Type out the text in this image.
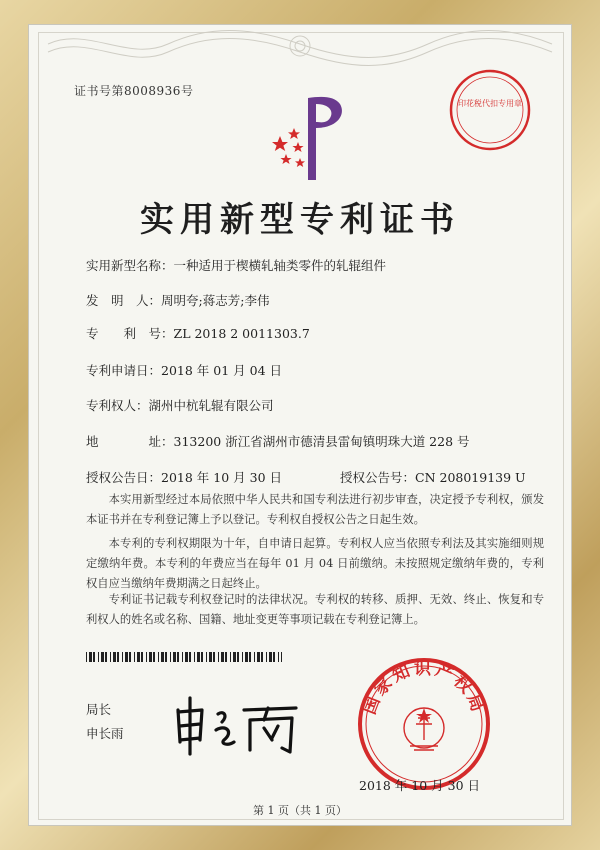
证书号第8008936号
印花税代扣专用章
实用新型专利证书
实用新型名称：一种适用于楔横轧轴类零件的轧辊组件
发　明　人：周明夸;蒋志芳;李伟
专　　利　号：ZL 2018 2 0011303.7
专利申请日：2018 年 01 月 04 日
专利权人：湖州中杭轧辊有限公司
地　　　　址：313200 浙江省湖州市德清县雷甸镇明珠大道 228 号
授权公告日：2018 年 10 月 30 日	授权公告号：CN 208019139 U
本实用新型经过本局依照中华人民共和国专利法进行初步审查，决定授予专利权，颁发本证书并在专利登记簿上予以登记。专利权自授权公告之日起生效。
本专利的专利权期限为十年，自申请日起算。专利权人应当依照专利法及其实施细则规定缴纳年费。本专利的年费应当在每年 01 月 04 日前缴纳。未按照规定缴纳年费的，专利权自应当缴纳年费期满之日起终止。
专利证书记载专利权登记时的法律状况。专利权的转移、质押、无效、终止、恢复和专利权人的姓名或名称、国籍、地址变更等事项记载在专利登记簿上。
局长
申长雨
国家知识产权局
2018 年 10 月 30 日
第 1 页（共 1 页）
